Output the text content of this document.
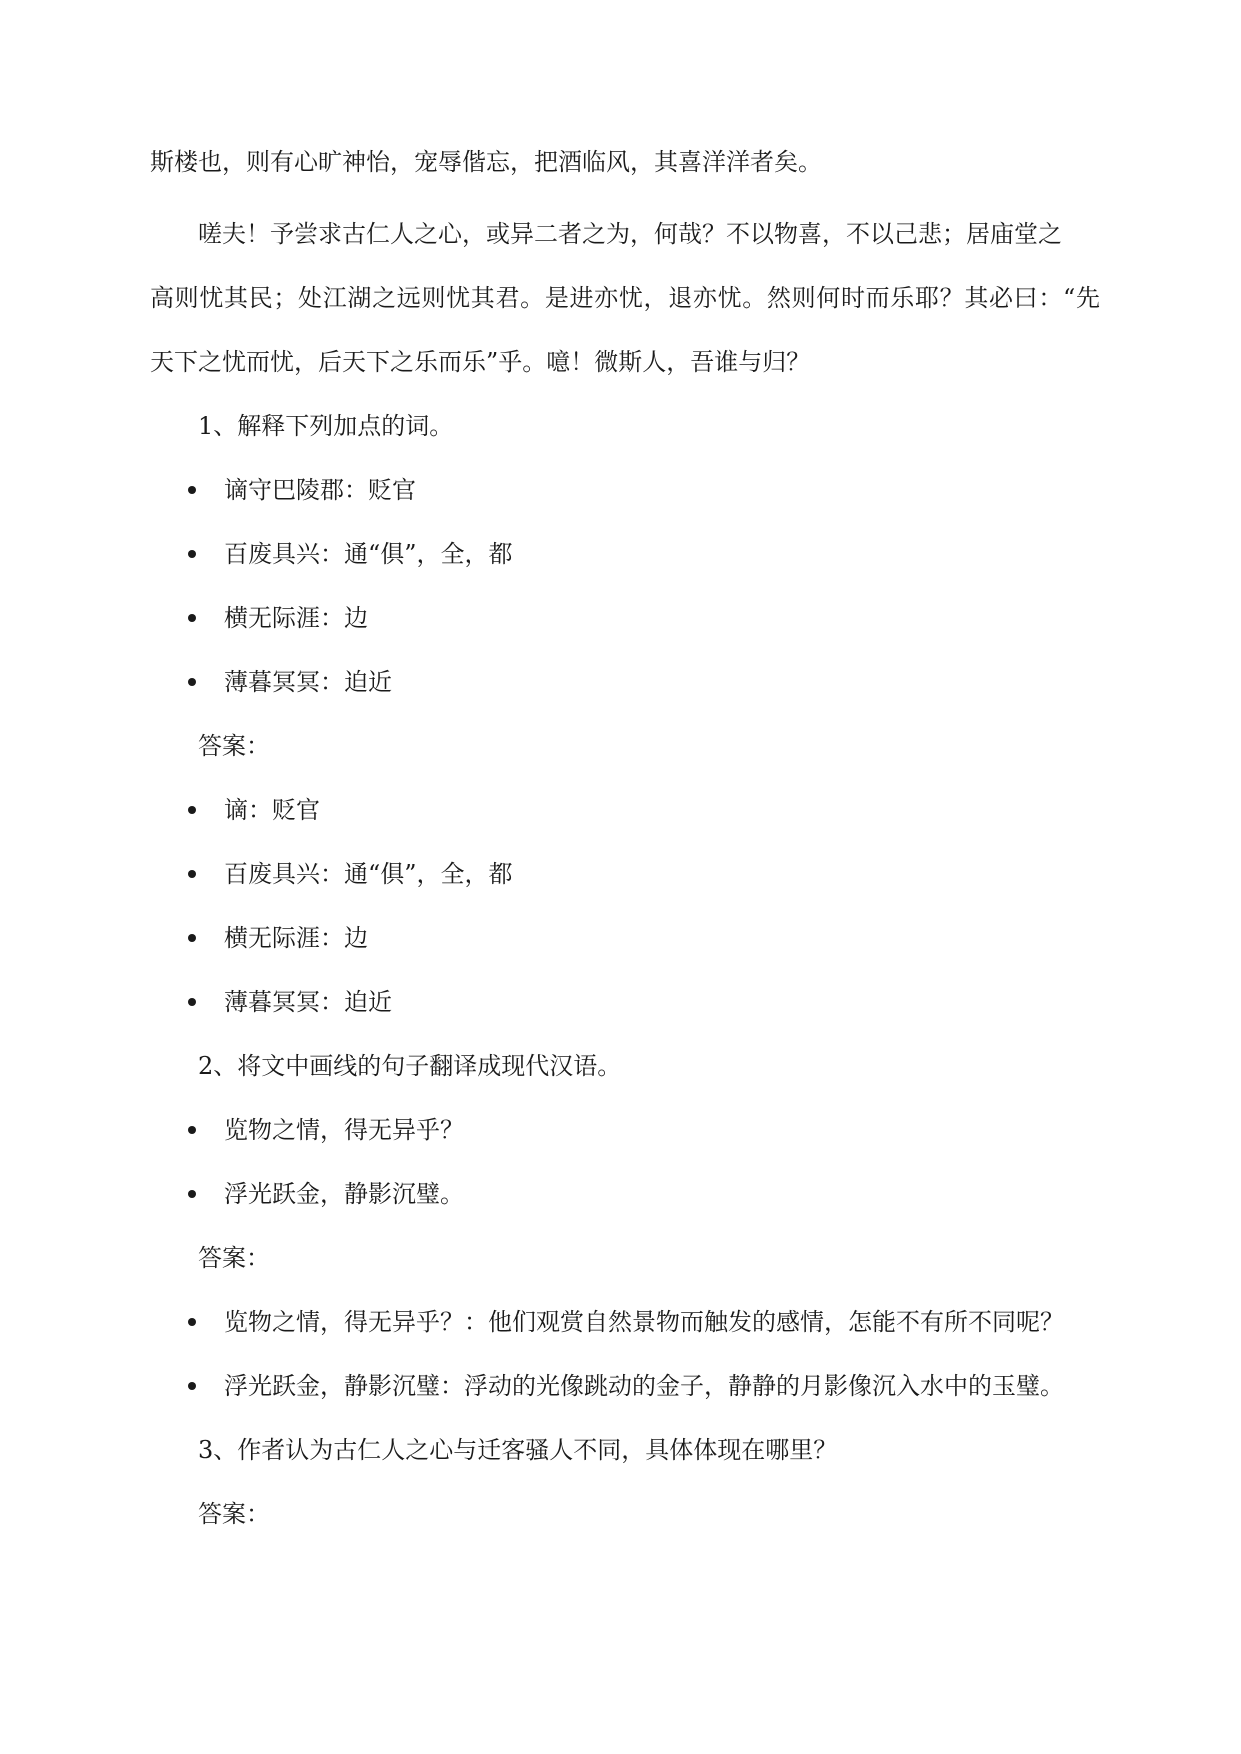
斯楼也，则有心旷神怡，宠辱偕忘，把酒临风，其喜洋洋者矣。
嗟夫！予尝求古仁人之心，或异二者之为，何哉？不以物喜，不以己悲；居庙堂之
高则忧其民；处江湖之远则忧其君。是进亦忧，退亦忧。然则何时而乐耶？其必曰：“先
天下之忧而忧，后天下之乐而乐”乎。噫！微斯人，吾谁与归？
1、解释下列加点的词。
谪守巴陵郡：贬官
百废具兴：通“俱”，全，都
横无际涯：边
薄暮冥冥：迫近
答案：
谪：贬官
百废具兴：通“俱”，全，都
横无际涯：边
薄暮冥冥：迫近
2、将文中画线的句子翻译成现代汉语。
览物之情，得无异乎？
浮光跃金，静影沉璧。
答案：
览物之情，得无异乎？：他们观赏自然景物而触发的感情，怎能不有所不同呢？
浮光跃金，静影沉璧：浮动的光像跳动的金子，静静的月影像沉入水中的玉璧。
3、作者认为古仁人之心与迁客骚人不同，具体体现在哪里？
答案：
